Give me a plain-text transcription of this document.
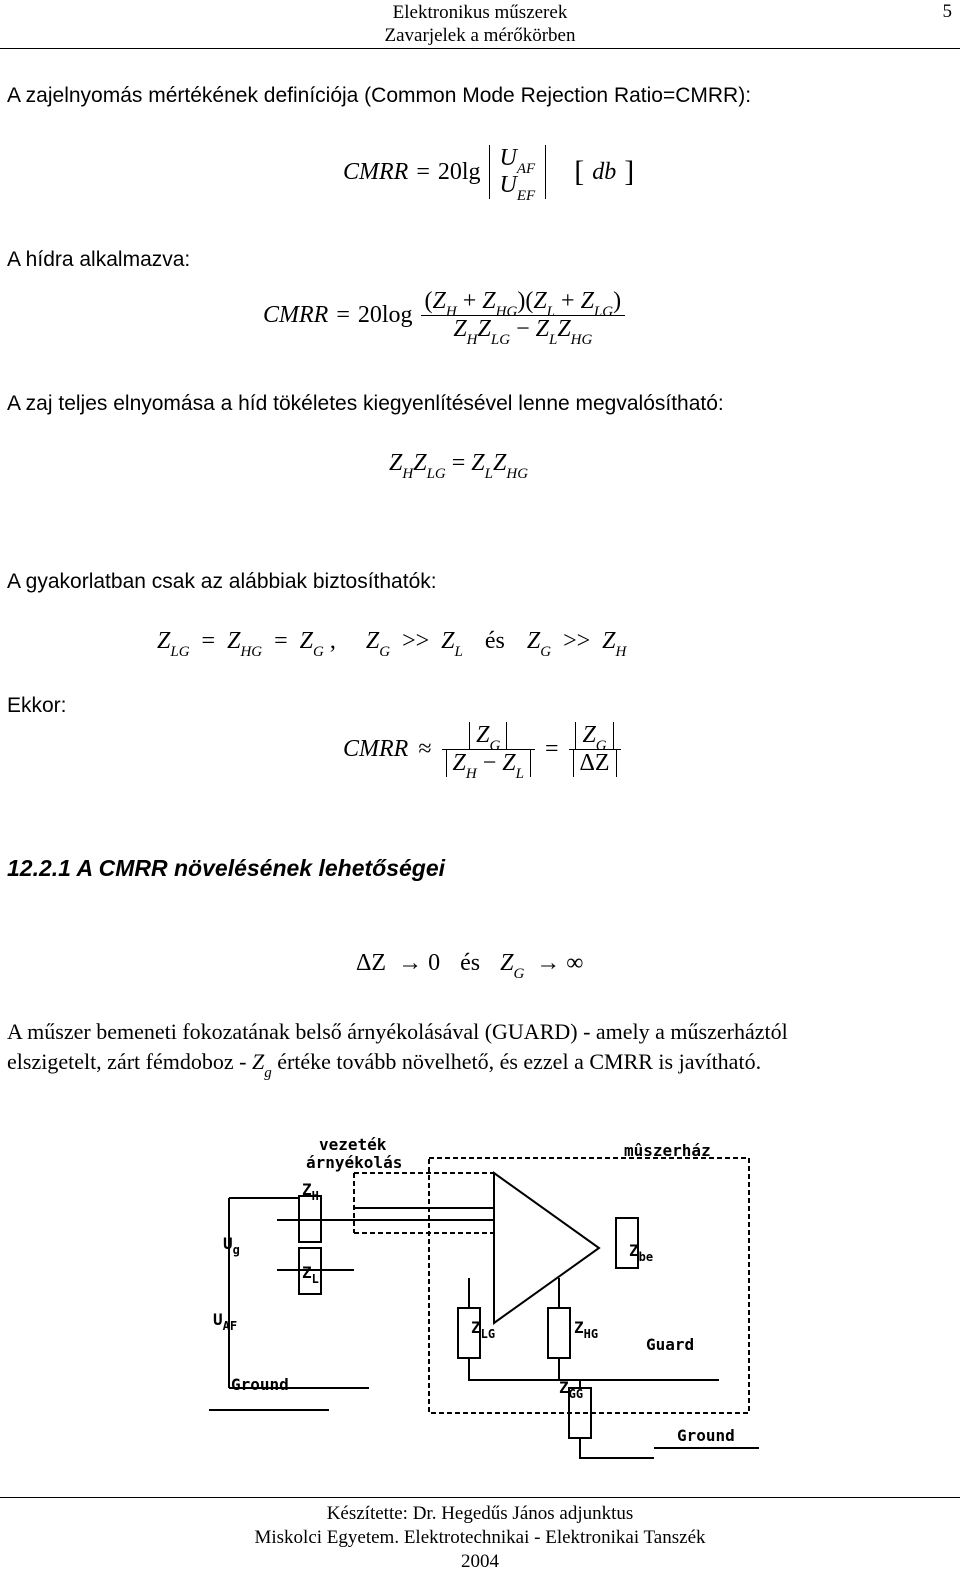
Elektronikus műszerek
Zavarjelek a mérőkörben
5
A zajelnyomás mértékének definíciója (Common Mode Rejection Ratio=CMRR):
CMRR = 20lg
$U_{AF}$
$U_{EF}$
[ db ]
A hídra alkalmazva:
CMRR = $20\log \frac{(Z_H + Z_{HG})(Z_L + Z_{LG})}{Z_HZ_{LG} - Z_LZ_{HG}}$
A zaj teljes elnyomása a híd tökéletes kiegyenlítésével lenne megvalósítható:
$Z_HZ_{LG} = Z_LZ_{HG}$
A gyakorlatban csak az alábbiak biztosíthatók:
$Z_{LG} = Z_{HG} = Z_G$ ,     $Z_G >> Z_L$ és $Z_G >> Z_H$
Ekkor:
CMRR ≈ $\frac{Z_G}{Z_H - Z_L} = \frac{Z_G}{\Delta Z}$
12.2.1 A CMRR növelésének lehetőségei
ΔZ  → 0 és $Z_G$  → ∞
A műszer bemeneti fokozatának belső árnyékolásával (GUARD) - amely a műszerháztól
elszigetelt, zárt fémdoboz - $Z_g$ értéke tovább növelhető, és ezzel a CMRR is javítható.
vezeték
árnyékolás
mûszerház
$Z_H$
$U_g$
$Z_L$
$U_{AF}$
$Z_{be}$
$Z_{LG}$	$Z_{HG}$
Guard
Ground	$Z_{GG}$
Ground
Készítette: Dr. Hegedűs János adjunktus
Miskolci Egyetem. Elektrotechnikai - Elektronikai Tanszék
2004
